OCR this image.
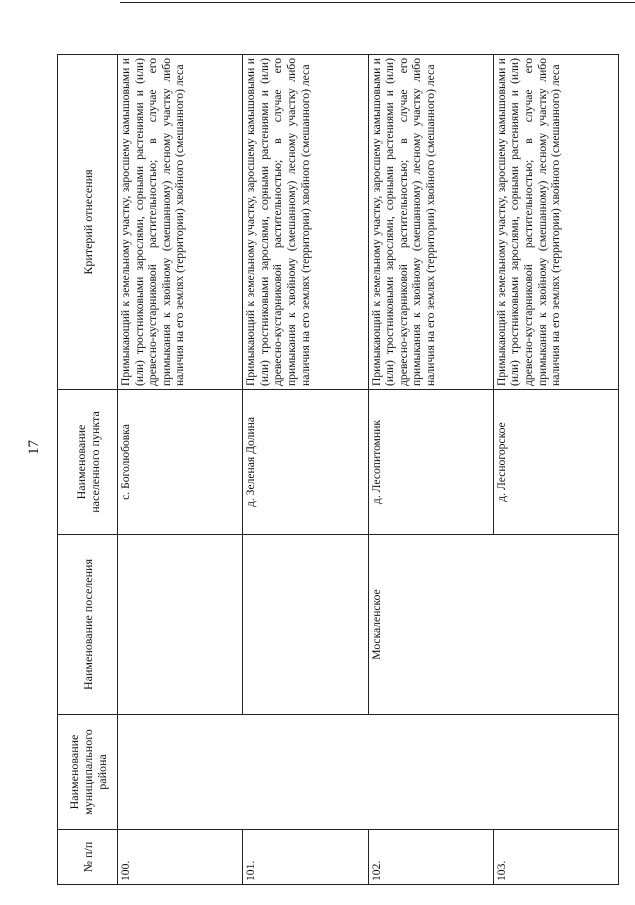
17
№ п/п	Наименование муниципального района	Наименование поселения	Наименование населенного пункта	Критерий отнесения
100.			с. Боголюбовка	Примыкающий к земельному участку, заросшему камышовыми и (или) тростниковыми зарослями, сорными растениями и (или) древесно-кустарниковой растительностью; в случае его примыкания к хвойному (смешанному) лесному участку либо наличия на его землях (территории) хвойного (смешанного) леса
101.			д. Зеленая Долина	Примыкающий к земельному участку, заросшему камышовыми и (или) тростниковыми зарослями, сорными растениями и (или) древесно-кустарниковой растительностью; в случае его примыкания к хвойному (смешанному) лесному участку либо наличия на его землях (территории) хвойного (смешанного) леса
102.		Москаленское	д. Лесопитомник	Примыкающий к земельному участку, заросшему камышовыми и (или) тростниковыми зарослями, сорными растениями и (или) древесно-кустарниковой растительностью; в случае его примыкания к хвойному (смешанному) лесному участку либо наличия на его землях (территории) хвойного (смешанного) леса
103.			д. Лесногорское	Примыкающий к земельному участку, заросшему камышовыми и (или) тростниковыми зарослями, сорными растениями и (или) древесно-кустарниковой растительностью; в случае его примыкания к хвойному (смешанному) лесному участку либо наличия на его землях (территории) хвойного (смешанного) леса
